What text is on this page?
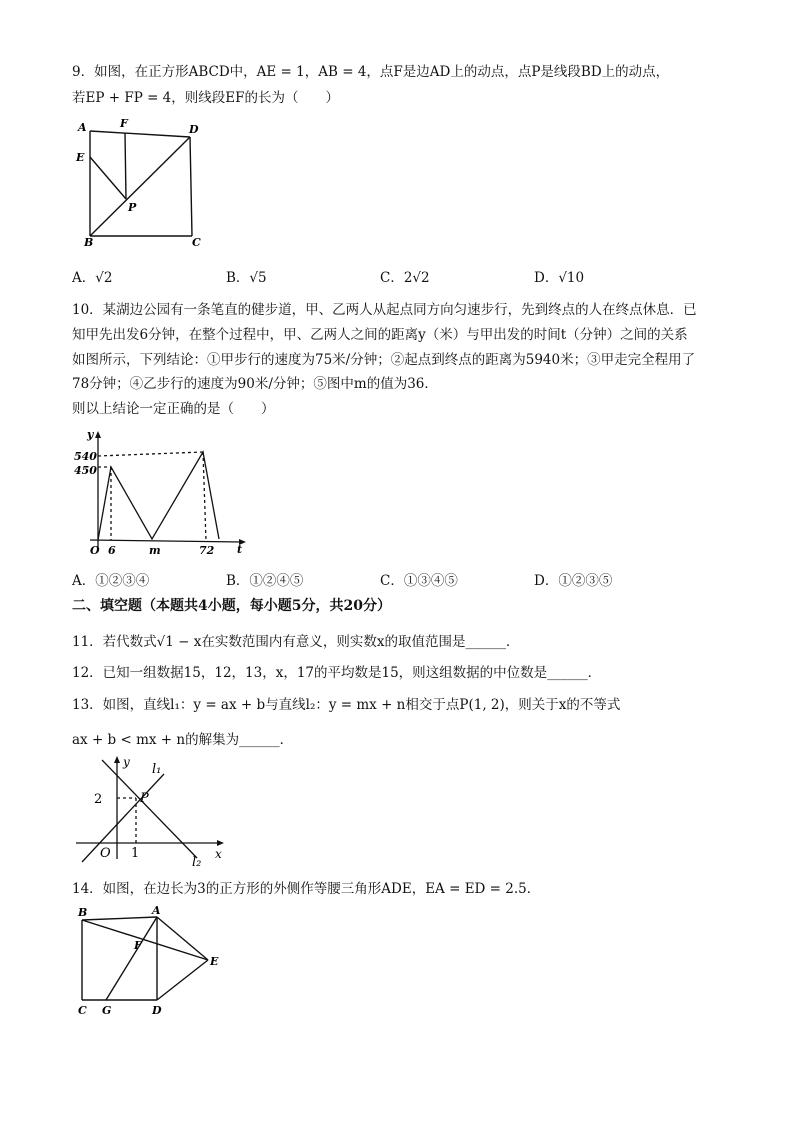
9．如图，在正方形ABCD中，AE = 1，AB = 4，点F是边AD上的动点，点P是线段BD上的动点，
若EP + FP = 4，则线段EF的长为（　　）
A	F	D
E
P
B	C
A．√2	B．√5	C．2√2	D．√10
10．某湖边公园有一条笔直的健步道，甲、乙两人从起点同方向匀速步行，先到终点的人在终点休息．已
知甲先出发6分钟，在整个过程中，甲、乙两人之间的距离y（米）与甲出发的时间t（分钟）之间的关系
如图所示，下列结论：①甲步行的速度为75米/分钟；②起点到终点的距离为5940米；③甲走完全程用了
78分钟；④乙步行的速度为90米/分钟；⑤图中m的值为36．
则以上结论一定正确的是（　　）
y
t
O
540
450
6	m	72
A．①②③④	B．①②④⑤	C．①③④⑤	D．①②③⑤
二、填空题（本题共4小题，每小题5分，共20分）
11．若代数式√1 − x在实数范围内有意义，则实数x的取值范围是______．
12．已知一组数据15，12，13，x，17的平均数是15，则这组数据的中位数是______．
13．如图，直线l₁：y = ax + b与直线l₂：y = mx + n相交于点P(1, 2)，则关于x的不等式
ax + b < mx + n的解集为______．
y
x
l₁
l₂
O
P
2
1
14．如图，在边长为3的正方形的外侧作等腰三角形ADE，EA = ED = 2.5．
B	A
F
E
C G	D
